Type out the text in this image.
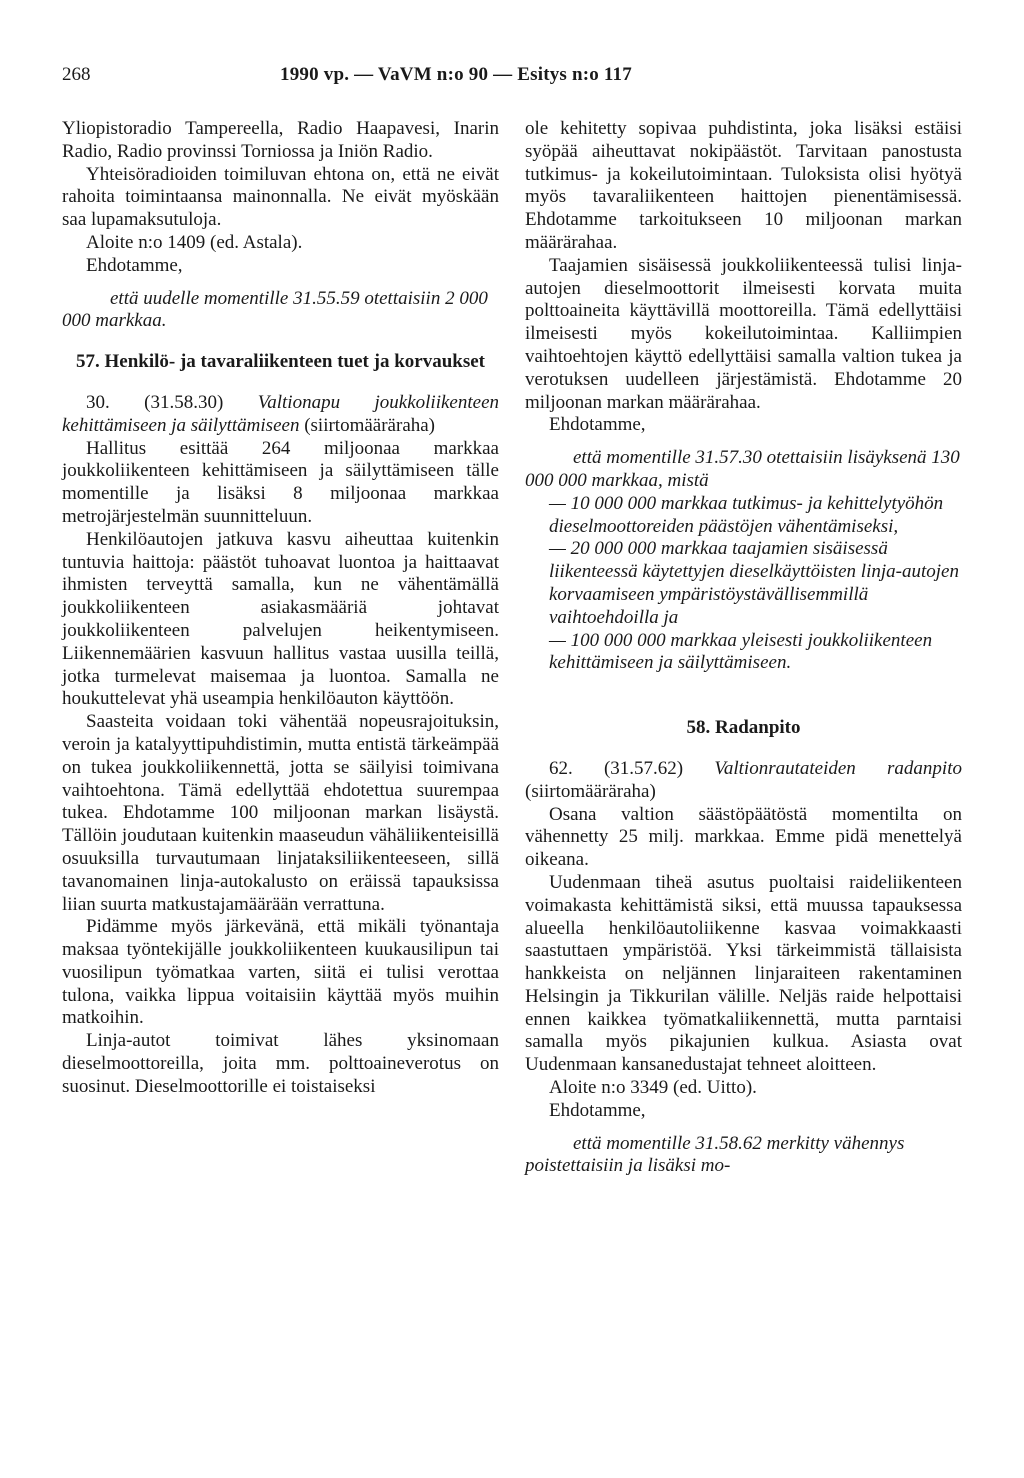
268	1990 vp. — VaVM n:o 90 — Esitys n:o 117

Yliopistoradio Tampereella, Radio Haapavesi, Inarin Radio, Radio provinssi Torniossa ja Iniön Radio.

Yhteisöradioiden toimiluvan ehtona on, että ne eivät rahoita toimintaansa mainonnalla. Ne eivät myöskään saa lupamaksutuloja.

Aloite n:o 1409 (ed. Astala).

Ehdotamme,

että uudelle momentille 31.55.59 otettaisiin 2 000 000 markkaa.

57. Henkilö- ja tavaraliikenteen tuet ja korvaukset

30. (31.58.30) Valtionapu joukkoliikenteen kehittämiseen ja säilyttämiseen (siirtomääräraha)

Hallitus esittää 264 miljoonaa markkaa joukkoliikenteen kehittämiseen ja säilyttämiseen tälle momentille ja lisäksi 8 miljoonaa markkaa metrojärjestelmän suunnitteluun.

Henkilöautojen jatkuva kasvu aiheuttaa kuitenkin tuntuvia haittoja: päästöt tuhoavat luontoa ja haittaavat ihmisten terveyttä samalla, kun ne vähentämällä joukkoliikenteen asiakasmääriä johtavat joukkoliikenteen palvelujen heikentymiseen. Liikennemäärien kasvuun hallitus vastaa uusilla teillä, jotka turmelevat maisemaa ja luontoa. Samalla ne houkuttelevat yhä useampia henkilöauton käyttöön.

Saasteita voidaan toki vähentää nopeusrajoituksin, veroin ja katalyyttipuhdistimin, mutta entistä tärkeämpää on tukea joukkoliikennettä, jotta se säilyisi toimivana vaihtoehtona. Tämä edellyttää ehdotettua suurempaa tukea. Ehdotamme 100 miljoonan markan lisäystä. Tällöin joudutaan kuitenkin maaseudun vähäliikenteisillä osuuksilla turvautumaan linjataksiliikenteeseen, sillä tavanomainen linja-autokalusto on eräissä tapauksissa liian suurta matkustajamäärään verrattuna.

Pidämme myös järkevänä, että mikäli työnantaja maksaa työntekijälle joukkoliikenteen kuukausilipun tai vuosilipun työmatkaa varten, siitä ei tulisi verottaa tulona, vaikka lippua voitaisiin käyttää myös muihin matkoihin.

Linja-autot toimivat lähes yksinomaan dieselmoottoreilla, joita mm. polttoaineverotus on suosinut. Dieselmoottorille ei toistaiseksi

ole kehitetty sopivaa puhdistinta, joka lisäksi estäisi syöpää aiheuttavat nokipäästöt. Tarvitaan panostusta tutkimus- ja kokeilutoimintaan. Tuloksista olisi hyötyä myös tavaraliikenteen haittojen pienentämisessä. Ehdotamme tarkoitukseen 10 miljoonan markan määrärahaa.

Taajamien sisäisessä joukkoliikenteessä tulisi linja-autojen dieselmoottorit ilmeisesti korvata muita polttoaineita käyttävillä moottoreilla. Tämä edellyttäisi ilmeisesti myös kokeilutoimintaa. Kalliimpien vaihtoehtojen käyttö edellyttäisi samalla valtion tukea ja verotuksen uudelleen järjestämistä. Ehdotamme 20 miljoonan markan määrärahaa.

Ehdotamme,

että momentille 31.57.30 otettaisiin lisäyksenä 130 000 000 markkaa, mistä

— 10 000 000 markkaa tutkimus- ja kehittelytyöhön dieselmoottoreiden päästöjen vähentämiseksi,

— 20 000 000 markkaa taajamien sisäisessä liikenteessä käytettyjen dieselkäyttöisten linja-autojen korvaamiseen ympäristöystävällisemmillä vaihtoehdoilla ja

— 100 000 000 markkaa yleisesti joukkoliikenteen kehittämiseen ja säilyttämiseen.

58. Radanpito

62. (31.57.62) Valtionrautateiden radanpito (siirtomääräraha)

Osana valtion säästöpäätöstä momentilta on vähennetty 25 milj. markkaa. Emme pidä menettelyä oikeana.

Uudenmaan tiheä asutus puoltaisi raideliikenteen voimakasta kehittämistä siksi, että muussa tapauksessa alueella henkilöautoliikenne kasvaa voimakkaasti saastuttaen ympäristöä. Yksi tärkeimmistä tällaisista hankkeista on neljännen linjaraiteen rakentaminen Helsingin ja Tikkurilan välille. Neljäs raide helpottaisi ennen kaikkea työmatkaliikennettä, mutta parntaisi samalla myös pikajunien kulkua. Asiasta ovat Uudenmaan kansanedustajat tehneet aloitteen.

Aloite n:o 3349 (ed. Uitto).

Ehdotamme,

että momentille 31.58.62 merkitty vähennys poistettaisiin ja lisäksi mo-
